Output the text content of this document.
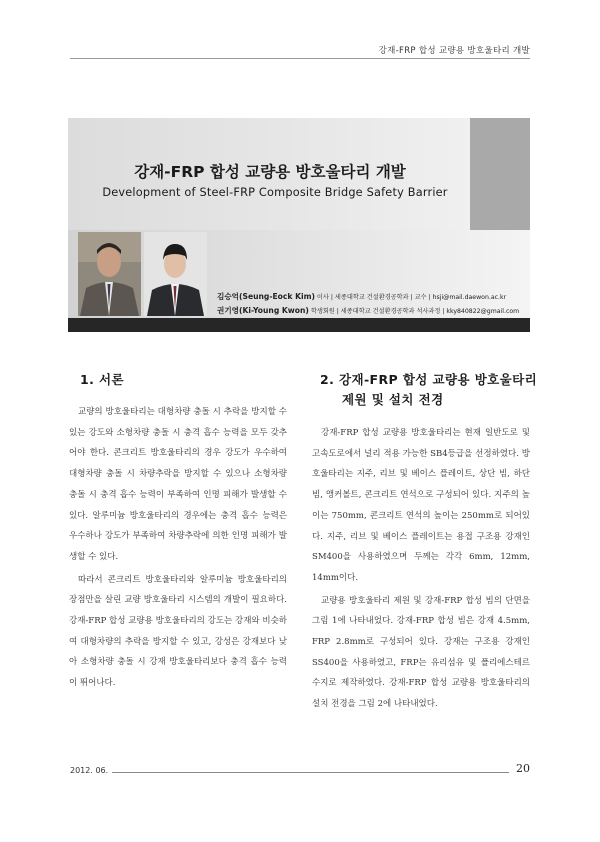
강재-FRP 합성 교량용 방호울타리 개발
강재-FRP 합성 교량용 방호울타리 개발
Development of Steel-FRP Composite Bridge Safety Barrier
김승억(Seung-Eock Kim) 이사 | 세종대학교 건설환경공학과 | 교수 | hsji@mail.daewon.ac.kr
권기영(Ki-Young Kwon) 학생회원 | 세종대학교 건설환경공학과 석사과정 | kky840822@gmail.com
1. 서론	2. 강재-FRP 합성 교량용 방호울타리
제원 및 설치 전경

교량의 방호울타리는 대형차량 충돌 시 추락을 방지할 수 있는 강도와 소형차량 충돌 시 충격 흡수 능력을 모두 갖추어야 한다. 콘크리트 방호울타리의 경우 강도가 우수하여 대형차량 충돌 시 차량추락을 방지할 수 있으나 소형차량 충돌 시 충격 흡수 능력이 부족하여 인명 피해가 발생할 수 있다. 알루미늄 방호울타리의 경우에는 충격 흡수 능력은 우수하나 강도가 부족하여 차량추락에 의한 인명 피해가 발생할 수 있다.

따라서 콘크리트 방호울타리와 알루미늄 방호울타리의 장점만을 살린 교량 방호울타리 시스템의 개발이 필요하다. 강재-FRP 합성 교량용 방호울타리의 강도는 강재와 비슷하여 대형차량의 추락을 방지할 수 있고, 강성은 강재보다 낮아 소형차량 충돌 시 강재 방호울타리보다 충격 흡수 능력이 뛰어나다.

강재-FRP 합성 교량용 방호울타리는 현재 일반도로 및 고속도로에서 널리 적용 가능한 SB4등급을 선정하였다. 방호울타리는 지주, 리브 및 베이스 플레이트, 상단 빔, 하단 빔, 앵커볼트, 콘크리트 연석으로 구성되어 있다. 지주의 높이는 750mm, 콘크리트 연석의 높이는 250mm로 되어있다. 지주, 리브 및 베이스 플레이트는 용접 구조용 강재인 SM400을 사용하였으며 두께는 각각 6mm, 12mm, 14mm이다.

교량용 방호울타리 제원 및 강재-FRP 합성 빔의 단면을 그림 1에 나타내었다. 강재-FRP 합성 빔은 강재 4.5mm, FRP 2.8mm로 구성되어 있다. 강재는 구조용 강재인 SS400을 사용하였고, FRP는 유리섬유 및 폴리에스테르 수지로 제작하였다. 강재-FRP 합성 교량용 방호울타리의 설치 전경을 그림 2에 나타내었다.

2012. 06.	20
